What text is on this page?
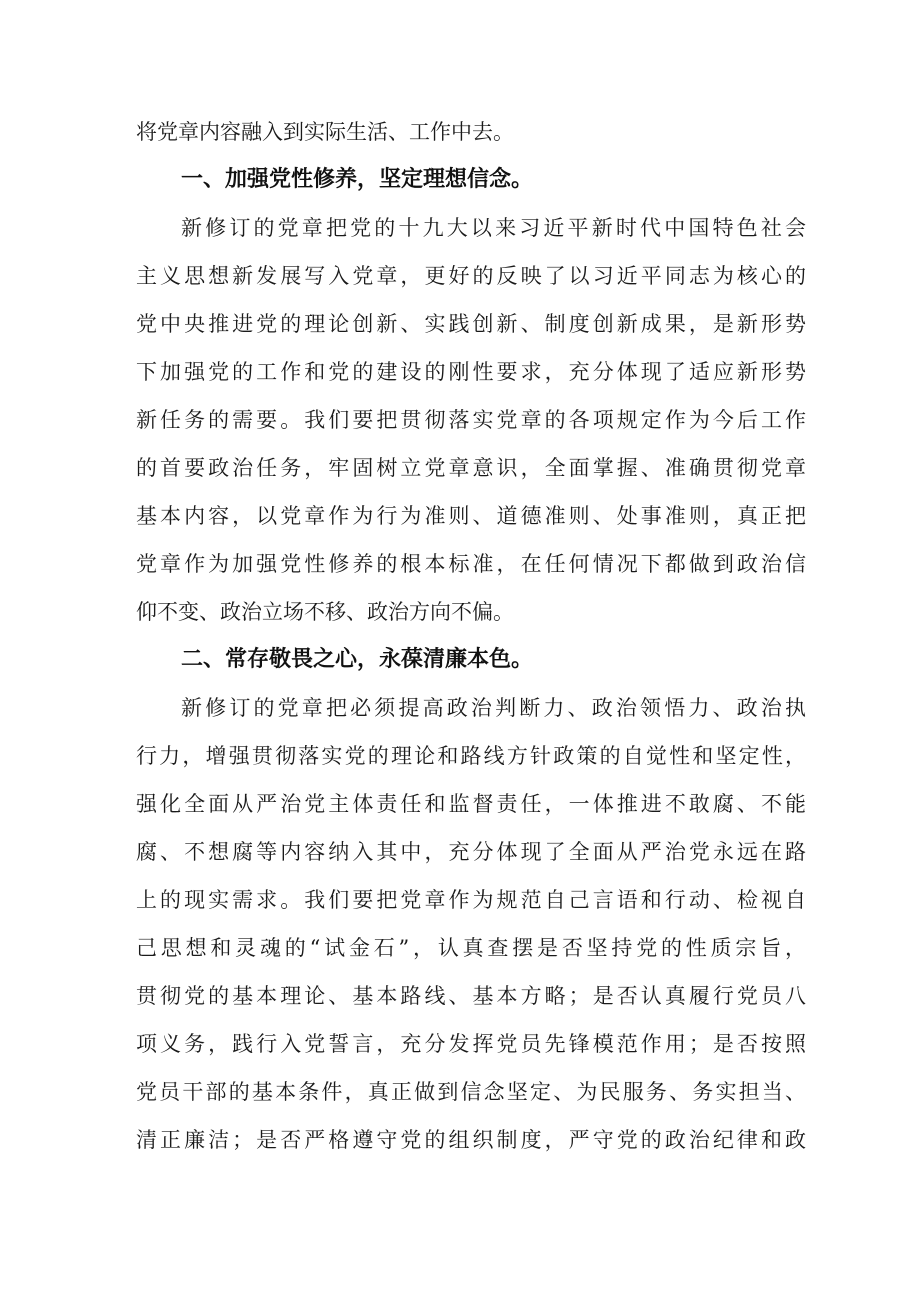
将党章内容融入到实际生活、工作中去。
一、加强党性修养，坚定理想信念。
新修订的党章把党的十九大以来习近平新时代中国特色社会
主义思想新发展写入党章，更好的反映了以习近平同志为核心的
党中央推进党的理论创新、实践创新、制度创新成果，是新形势
下加强党的工作和党的建设的刚性要求，充分体现了适应新形势
新任务的需要。我们要把贯彻落实党章的各项规定作为今后工作
的首要政治任务，牢固树立党章意识，全面掌握、准确贯彻党章
基本内容，以党章作为行为准则、道德准则、处事准则，真正把
党章作为加强党性修养的根本标准，在任何情况下都做到政治信
仰不变、政治立场不移、政治方向不偏。
二、常存敬畏之心，永葆清廉本色。
新修订的党章把必须提高政治判断力、政治领悟力、政治执
行力，增强贯彻落实党的理论和路线方针政策的自觉性和坚定性，
强化全面从严治党主体责任和监督责任，一体推进不敢腐、不能
腐、不想腐等内容纳入其中，充分体现了全面从严治党永远在路
上的现实需求。我们要把党章作为规范自己言语和行动、检视自
己思想和灵魂的“试金石”，认真查摆是否坚持党的性质宗旨，
贯彻党的基本理论、基本路线、基本方略；是否认真履行党员八
项义务，践行入党誓言，充分发挥党员先锋模范作用；是否按照
党员干部的基本条件，真正做到信念坚定、为民服务、务实担当、
清正廉洁；是否严格遵守党的组织制度，严守党的政治纪律和政
